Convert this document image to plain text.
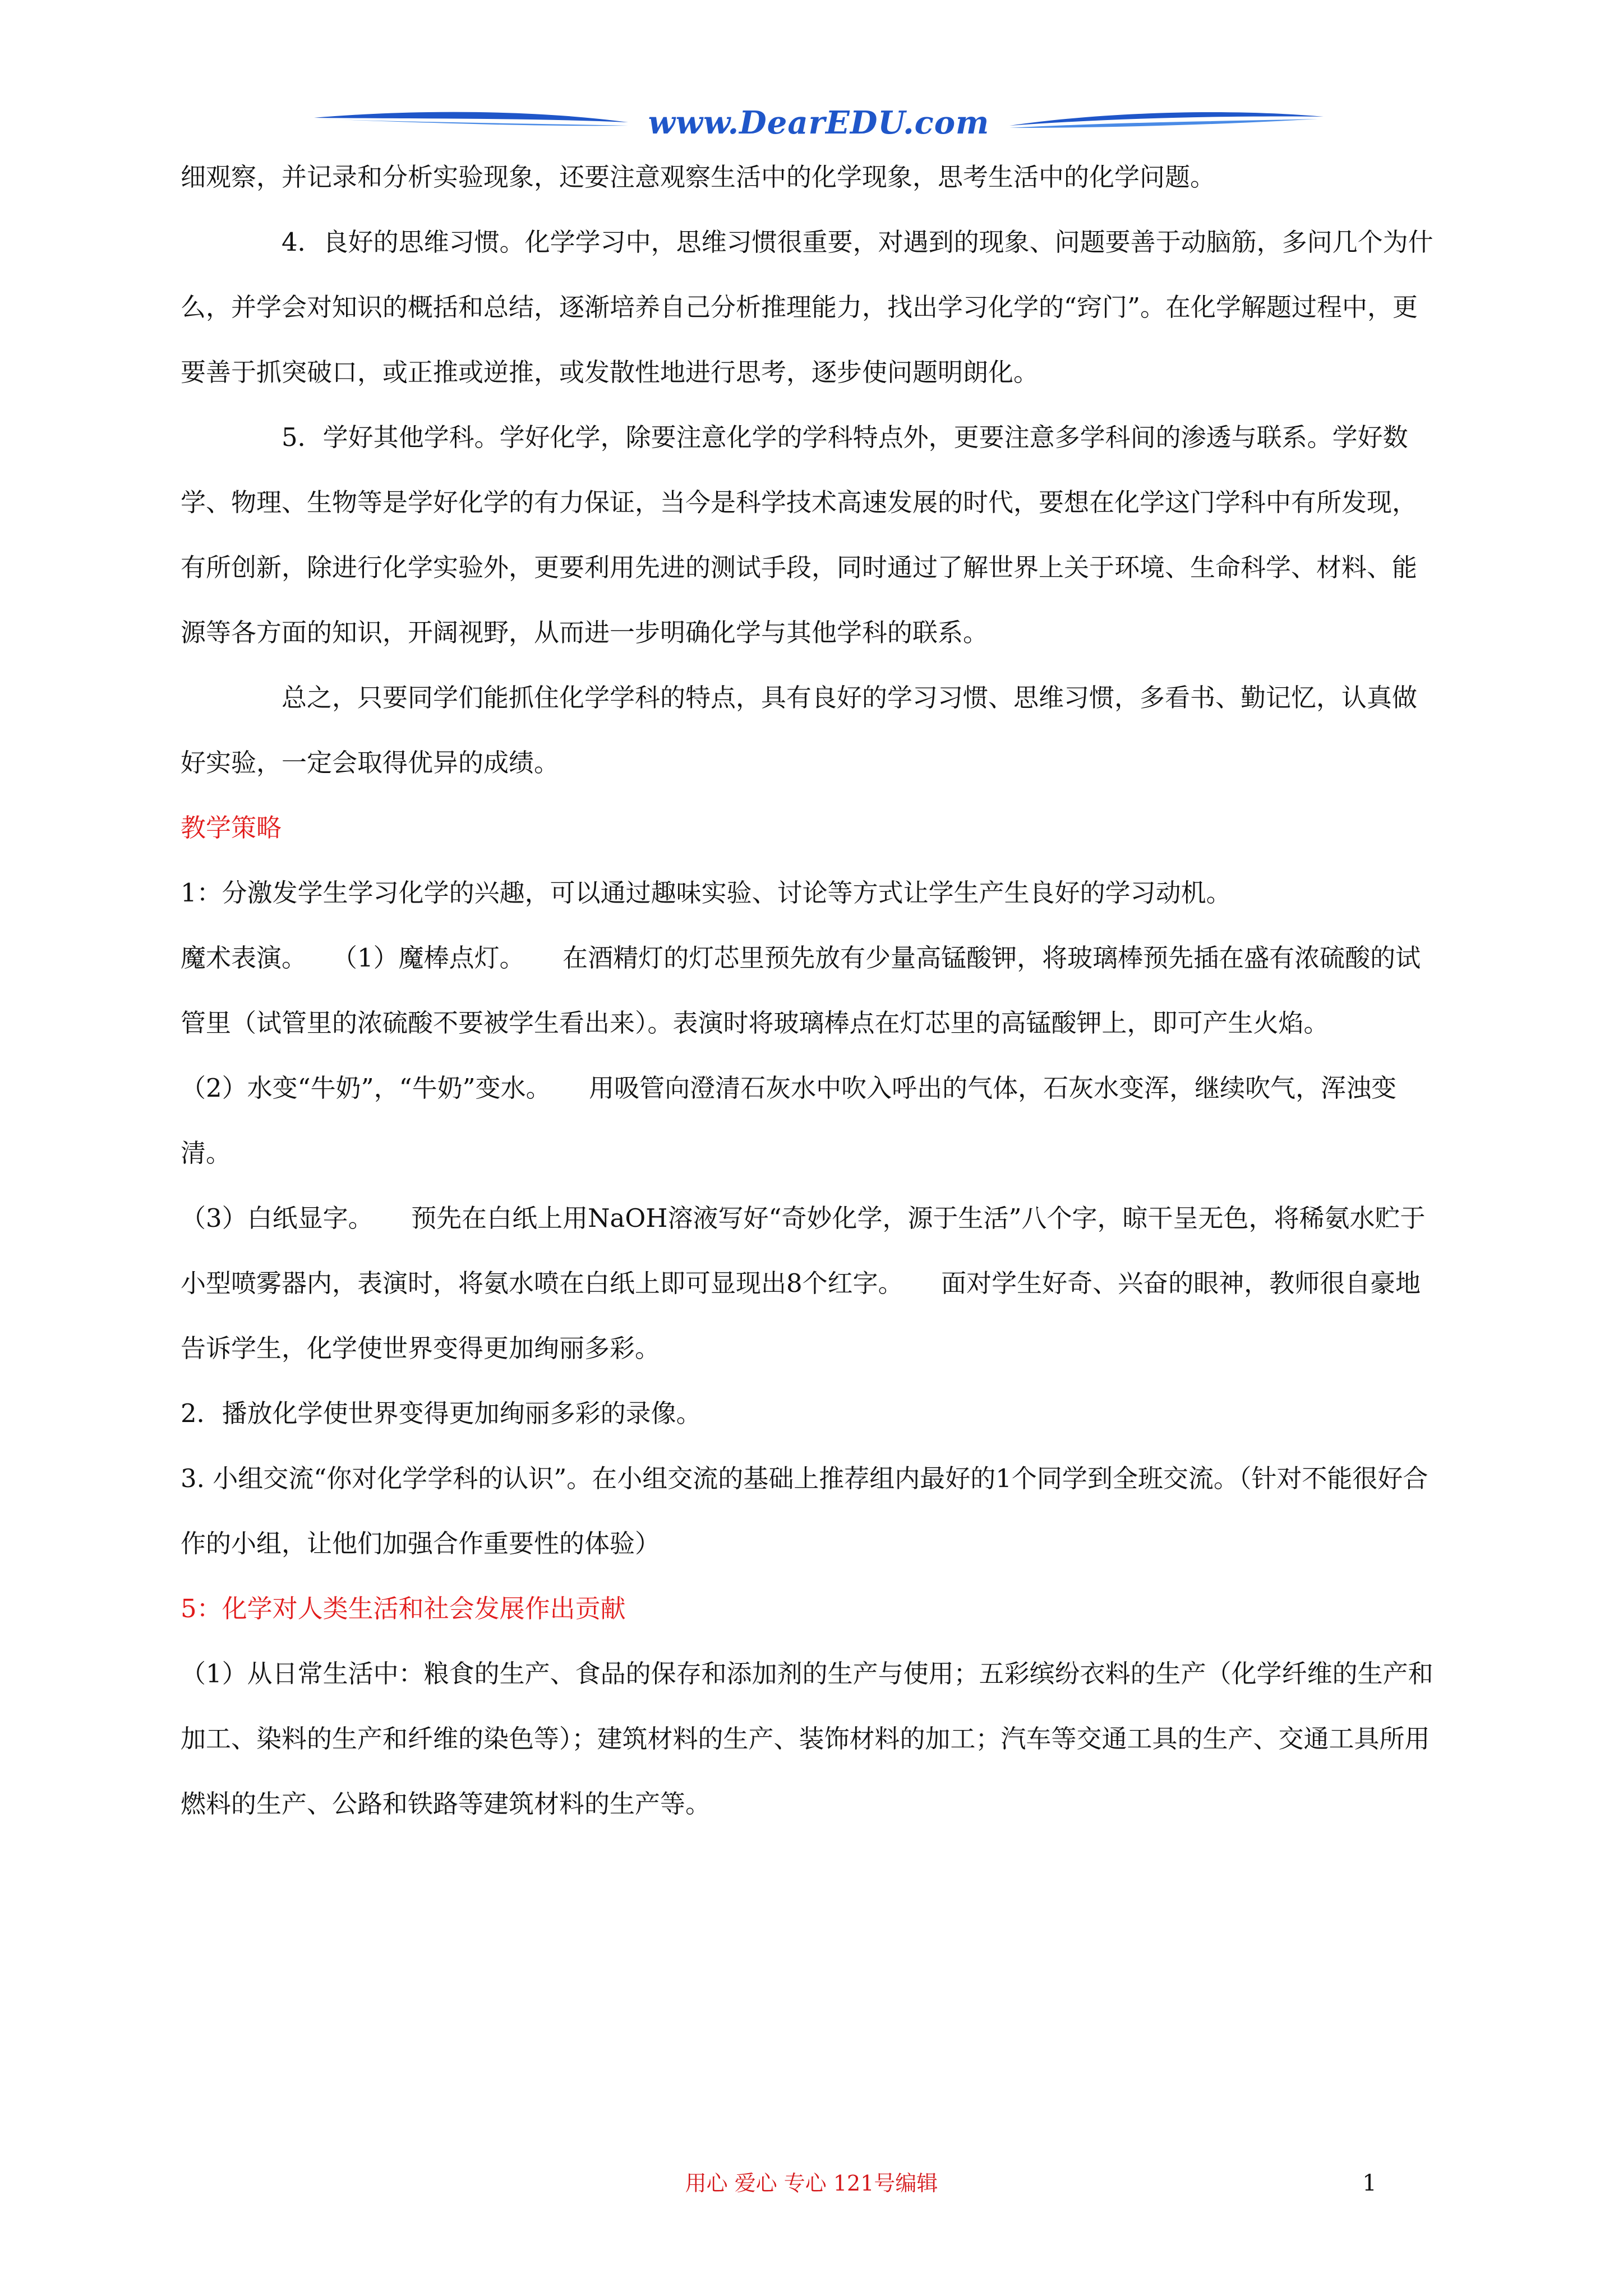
www.DearEDU.com

细观察，并记录和分析实验现象，还要注意观察生活中的化学现象，思考生活中的化学问题。

4．良好的思维习惯。化学学习中，思维习惯很重要，对遇到的现象、问题要善于动脑筋，多问几个为什么，并学会对知识的概括和总结，逐渐培养自己分析推理能力，找出学习化学的“窍门”。在化学解题过程中，更要善于抓突破口，或正推或逆推，或发散性地进行思考，逐步使问题明朗化。

5．学好其他学科。学好化学，除要注意化学的学科特点外，更要注意多学科间的渗透与联系。学好数学、物理、生物等是学好化学的有力保证，当今是科学技术高速发展的时代，要想在化学这门学科中有所发现，有所创新，除进行化学实验外，更要利用先进的测试手段，同时通过了解世界上关于环境、生命科学、材料、能源等各方面的知识，开阔视野，从而进一步明确化学与其他学科的联系。

总之，只要同学们能抓住化学学科的特点，具有良好的学习习惯、思维习惯，多看书、勤记忆，认真做好实验，一定会取得优异的成绩。

教学策略

1：分激发学生学习化学的兴趣，可以通过趣味实验、讨论等方式让学生产生良好的学习动机。

魔术表演。　　（1）魔棒点灯。　　在酒精灯的灯芯里预先放有少量高锰酸钾，将玻璃棒预先插在盛有浓硫酸的试管里（试管里的浓硫酸不要被学生看出来）。表演时将玻璃棒点在灯芯里的高锰酸钾上，即可产生火焰。

（2）水变“牛奶”，“牛奶”变水。　　用吸管向澄清石灰水中吹入呼出的气体，石灰水变浑，继续吹气，浑浊变清。

（3）白纸显字。　　预先在白纸上用NaOH溶液写好“奇妙化学，源于生活”八个字，晾干呈无色，将稀氨水贮于小型喷雾器内，表演时，将氨水喷在白纸上即可显现出8个红字。　　面对学生好奇、兴奋的眼神，教师很自豪地告诉学生，化学使世界变得更加绚丽多彩。

2．播放化学使世界变得更加绚丽多彩的录像。

3. 小组交流“你对化学学科的认识”。在小组交流的基础上推荐组内最好的1个同学到全班交流。（针对不能很好合作的小组，让他们加强合作重要性的体验）

5：化学对人类生活和社会发展作出贡献

（1）从日常生活中：粮食的生产、食品的保存和添加剂的生产与使用；五彩缤纷衣料的生产（化学纤维的生产和加工、染料的生产和纤维的染色等）；建筑材料的生产、装饰材料的加工；汽车等交通工具的生产、交通工具所用燃料的生产、公路和铁路等建筑材料的生产等。

用心 爱心 专心 121号编辑	1
